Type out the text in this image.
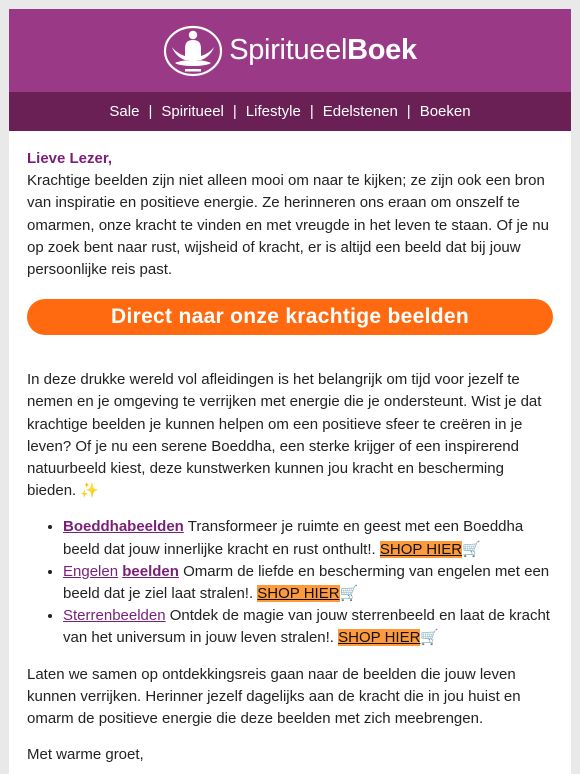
SpiritueelBoek
Sale | Spiritueel | Lifestyle | Edelstenen | Boeken

Lieve Lezer,

Krachtige beelden zijn niet alleen mooi om naar te kijken; ze zijn ook een bron van inspiratie en positieve energie. Ze herinneren ons eraan om onszelf te omarmen, onze kracht te vinden en met vreugde in het leven te staan. Of je nu op zoek bent naar rust, wijsheid of kracht, er is altijd een beeld dat bij jouw persoonlijke reis past.

Direct naar onze krachtige beelden

In deze drukke wereld vol afleidingen is het belangrijk om tijd voor jezelf te nemen en je omgeving te verrijken met energie die je ondersteunt. Wist je dat krachtige beelden je kunnen helpen om een positieve sfeer te creëren in je leven? Of je nu een serene Boeddha, een sterke krijger of een inspirerend natuurbeeld kiest, deze kunstwerken kunnen jou kracht en bescherming bieden. ✨

• Boeddhabeelden Transformeer je ruimte en geest met een Boeddha beeld dat jouw innerlijke kracht en rust onthult!. SHOP HIER🛒
• Engelen beelden Omarm de liefde en bescherming van engelen met een beeld dat je ziel laat stralen!. SHOP HIER🛒
• Sterrenbeelden Ontdek de magie van jouw sterrenbeeld en laat de kracht van het universum in jouw leven stralen!. SHOP HIER🛒

Laten we samen op ontdekkingsreis gaan naar de beelden die jouw leven kunnen verrijken. Herinner jezelf dagelijks aan de kracht die in jou huist en omarm de positieve energie die deze beelden met zich meebrengen.

Met warme groet,
